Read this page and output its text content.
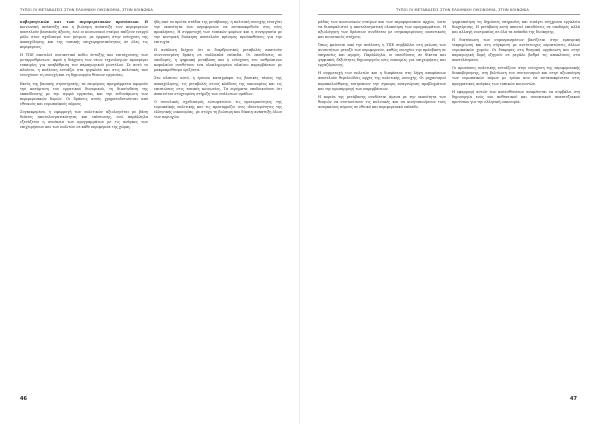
ΤΥΠΟΙ ΟΙ ΜΕΤΑΒΑΣΕΙΣ ΣΤΗΝ ΕΛΛΗΝΙΚΗ ΟΙΚΟΝΟΜΙΑ, ΣΤΗΝ ΚΟΙΝΩΝΙΑ

κυβερνητικών και των περιφερειακών προτάσεων. Η κοινωνική ανάπτυξη και η βιώσιμη ανάπτυξη των περιφερειών αποτελούν βασικούς άξονες, ενώ οι κοινωνικοί εταίροι παίζουν ενεργό ρόλο στον σχεδιασμό των μέτρων, με έμφαση στην ενίσχυση της απασχόλησης και της τοπικής επιχειρηματικότητας σε όλες τις περιφέρειες.

Η ΤΠΕ αποτελεί ουσιαστικό πεδίο ένταξης και επιτάχυνσης των μεταρρυθμίσεων, αφού η διάχυση των νέων τεχνολογιών προσφέρει ευκαιρίες για αναβάθμιση του παραγωγικού μοντέλου. Σε αυτό το πλαίσιο, η ανάλυση εστιάζει στα εργαλεία και στις πολιτικές που ενισχύουν τη συνοχή και τη δημιουργία θέσεων εργασίας.

Εκτός της βασικής στρατηγικής, τα επιμέρους προγράμματα αφορούν την κατάρτιση του εργατικού δυναμικού, τη διασύνδεση της εκπαίδευσης με την αγορά εργασίας και την ενδυνάμωση των περιφερειακών δομών. Οι δράσεις αυτές χρηματοδοτούνται από εθνικούς και ευρωπαϊκούς πόρους.

Συγκεκριμένα, η εφαρμογή των πολιτικών αξιολογείται με βάση δείκτες αποτελεσματικότητας και επίπτωσης, ενώ παράλληλα εξετάζεται η συνέπεια των προγραμμάτων με τις ανάγκες των επιχειρήσεων και των πολιτών σε κάθε περιφέρεια της χώρας.

ήδη από τα πρώτα στάδια της μετάβασης, η πολιτική συνοχής ενισχύει την ικανότητα των περιφερειών να ανταποκριθούν στις νέες προκλήσεις. Η συμμετοχή των τοπικών φορέων και η συνεργασία με την κεντρική διοίκηση αποτελούν κρίσιμες προϋποθέσεις για την επιτυχία.

Η ανάλυση δείχνει ότι οι διαρθρωτικές μεταβολές απαιτούν συντονισμένη δράση σε πολλαπλά επίπεδα. Οι επενδύσεις σε υποδομές, η ψηφιακή μετάβαση και η ενίσχυση του ανθρώπινου κεφαλαίου συνθέτουν ένα ολοκληρωμένο πλαίσιο παρεμβάσεων με μακροπρόθεσμο ορίζοντα.

Στο πλαίσιο αυτό, η έρευνα καταγράφει τις βασικές τάσεις της απασχόλησης, τις μεταβολές στους κλάδους της οικονομίας και τις επιπτώσεις στις τοπικές κοινωνίες. Τα ευρήματα υποδεικνύουν ότι απαιτείται στοχευμένη στήριξη των ευάλωτων ομάδων.

Ο συνολικός σχεδιασμός ενσωματώνει τις προτεραιότητες της ευρωπαϊκής πολιτικής και τις προσαρμόζει στις ιδιαιτερότητες της ελληνικής οικονομίας, με στόχο τη βιώσιμη και δίκαιη ανάπτυξη όλων των περιοχών.

46
ΤΥΠΟΙ ΟΙ ΜΕΤΑΒΑΣΕΙΣ ΣΤΗΝ ΕΛΛΗΝΙΚΗ ΟΙΚΟΝΟΜΙΑ, ΣΤΗΝ ΚΟΙΝΩΝΙΑ

μάδας των κοινωνικών εταίρων και των περιφερειακών αρχών, ώστε να διασφαλιστεί η αποτελεσματική υλοποίηση των προγραμμάτων. Η αξιολόγηση των δράσεων συνδέεται με συγκεκριμένους ποσοτικούς και ποιοτικούς στόχους.

Όπως φαίνεται από την ανάλυση, η ΤΠΕ συμβάλλει στη μείωση των ανισοτήτων μεταξύ των περιφερειών, καθώς ενισχύει την πρόσβαση σε υπηρεσίες και αγορές. Παράλληλα, οι επενδύσεις σε δίκτυα και ψηφιακές δεξιότητες δημιουργούν νέες ευκαιρίες για επιχειρήσεις και εργαζόμενους.

Η συμμετοχή των πολιτών και η διαφάνεια στη λήψη αποφάσεων αποτελούν θεμελιώδεις αρχές της πολιτικής συνοχής. Οι μηχανισμοί παρακολούθησης επιτρέπουν την έγκαιρη αναγνώριση προβλημάτων και την προσαρμογή των παρεμβάσεων.

Η πορεία της μετάβασης συνδέεται άμεσα με την ικανότητα των θεσμών να συντονίσουν τις πολιτικές και να κινητοποιήσουν τους αναγκαίους πόρους σε εθνικό και περιφερειακό επίπεδο.

ψηφιοποίηση τις δημόσιες υπηρεσίες και εισάγει σύγχρονα εργαλεία διαχείρισης. Η μετάβαση αυτή απαιτεί επενδύσεις σε υποδομές αλλά και αλλαγή νοοτροπίας σε όλα τα επίπεδα της διοίκησης.

Η διατύπωση των συμπερασμάτων βασίζεται στην εμπειρική τεκμηρίωση και στη σύγκριση με αντίστοιχες περιπτώσεις άλλων ευρωπαϊκών χωρών. Οι διαφορές στη θεσμική οργάνωση και στην παραγωγική δομή εξηγούν σε μεγάλο βαθμό τις αποκλίσεις στα αποτελέσματα.

Οι προτάσεις πολιτικής εστιάζουν στην ενίσχυση της περιφερειακής διακυβέρνησης, στη βελτίωση του συντονισμού και στην αξιοποίηση των ευρωπαϊκών πόρων με τρόπο που να ανταποκρίνεται στις πραγματικές ανάγκες των τοπικών κοινωνιών.

Η εφαρμογή αυτών των κατευθύνσεων αναμένεται να συμβάλει στη δημιουργία ενός πιο ανθεκτικού και συνεκτικού αναπτυξιακού προτύπου για την ελληνική οικονομία.

47
